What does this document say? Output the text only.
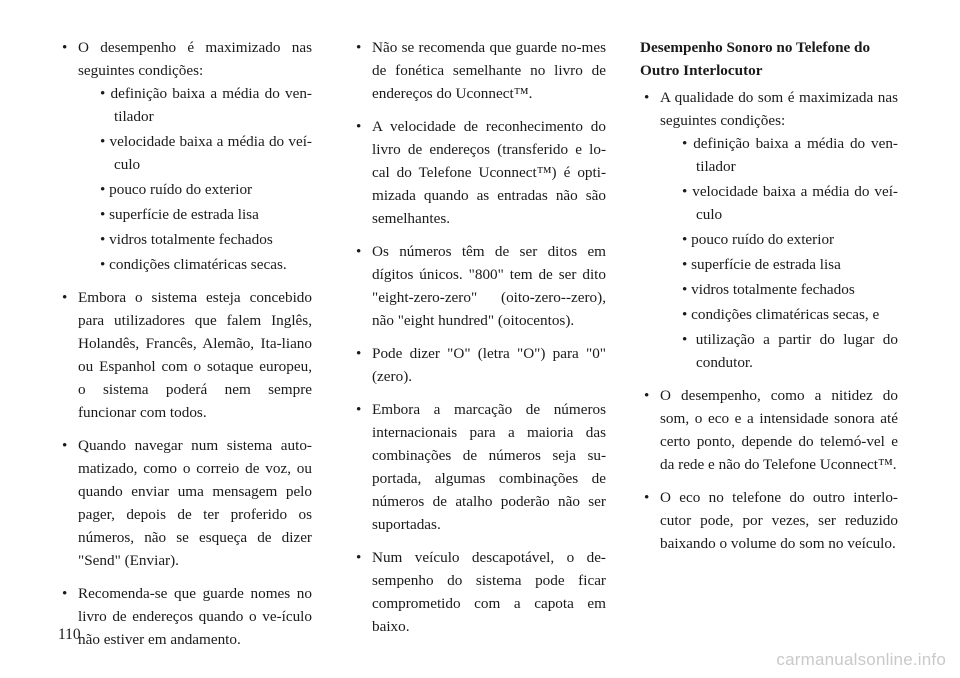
• O desempenho é maximizado nas seguintes condições:
• definição baixa a média do ven-tilador
• velocidade baixa a média do veí-culo
• pouco ruído do exterior
• superfície de estrada lisa
• vidros totalmente fechados
• condições climatéricas secas.
• Embora o sistema esteja concebido para utilizadores que falem Inglês, Holandês, Francês, Alemão, Ita-liano ou Espanhol com o sotaque europeu, o sistema poderá nem sempre funcionar com todos.
• Quando navegar num sistema auto-matizado, como o correio de voz, ou quando enviar uma mensagem pelo pager, depois de ter proferido os números, não se esqueça de dizer "Send" (Enviar).
• Recomenda-se que guarde nomes no livro de endereços quando o ve-ículo não estiver em andamento.
• Não se recomenda que guarde no-mes de fonética semelhante no livro de endereços do Uconnect™.
• A velocidade de reconhecimento do livro de endereços (transferido e lo-cal do Telefone Uconnect™) é opti-mizada quando as entradas não são semelhantes.
• Os números têm de ser ditos em dígitos únicos. "800" tem de ser dito "eight-zero-zero" (oito-zero--zero), não "eight hundred" (oitocentos).
• Pode dizer "O" (letra "O") para "0" (zero).
• Embora a marcação de números internacionais para a maioria das combinações de números seja su-portada, algumas combinações de números de atalho poderão não ser suportadas.
• Num veículo descapotável, o de-sempenho do sistema pode ficar comprometido com a capota em baixo.
Desempenho Sonoro no Telefone do Outro Interlocutor
• A qualidade do som é maximizada nas seguintes condições:
• definição baixa a média do ven-tilador
• velocidade baixa a média do veí-culo
• pouco ruído do exterior
• superfície de estrada lisa
• vidros totalmente fechados
• condições climatéricas secas, e
• utilização a partir do lugar do condutor.
• O desempenho, como a nitidez do som, o eco e a intensidade sonora até certo ponto, depende do telemó-vel e da rede e não do Telefone Uconnect™.
• O eco no telefone do outro interlo-cutor pode, por vezes, ser reduzido baixando o volume do som no veículo.
110
carmanualsonline.info
